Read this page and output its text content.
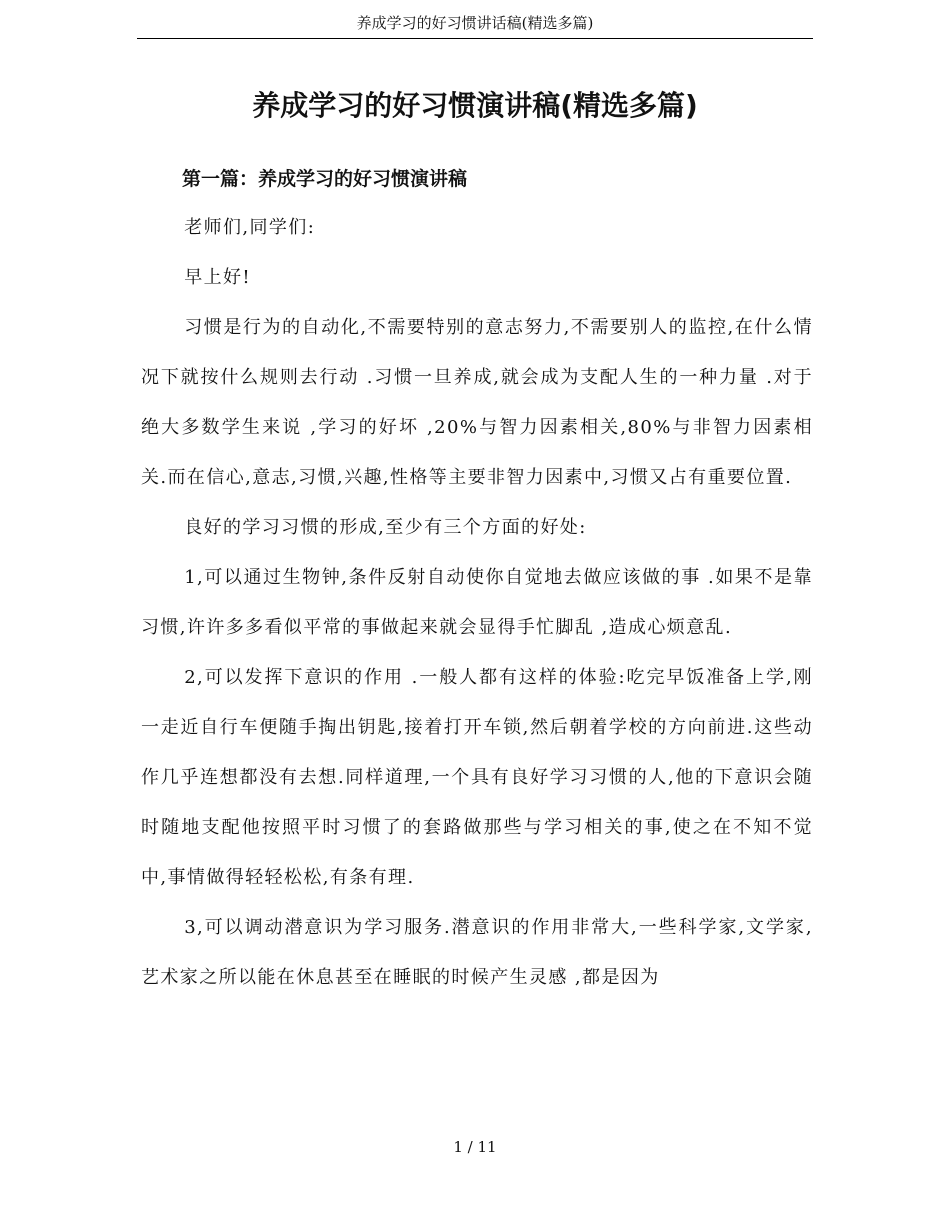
养成学习的好习惯讲话稿(精选多篇)
养成学习的好习惯演讲稿(精选多篇)
第一篇：养成学习的好习惯演讲稿

老师们,同学们:

早上好!

习惯是行为的自动化,不需要特别的意志努力,不需要别人的监控,在什么情况下就按什么规则去行动 .习惯一旦养成,就会成为支配人生的一种力量 .对于绝大多数学生来说 ,学习的好坏 ,20%与智力因素相关,80%与非智力因素相关.而在信心,意志,习惯,兴趣,性格等主要非智力因素中,习惯又占有重要位置.

良好的学习习惯的形成,至少有三个方面的好处:

1,可以通过生物钟,条件反射自动使你自觉地去做应该做的事 .如果不是靠习惯,许许多多看似平常的事做起来就会显得手忙脚乱 ,造成心烦意乱.

2,可以发挥下意识的作用 .一般人都有这样的体验:吃完早饭准备上学,刚一走近自行车便随手掏出钥匙,接着打开车锁,然后朝着学校的方向前进.这些动作几乎连想都没有去想.同样道理,一个具有良好学习习惯的人,他的下意识会随时随地支配他按照平时习惯了的套路做那些与学习相关的事,使之在不知不觉中,事情做得轻轻松松,有条有理.

3,可以调动潜意识为学习服务.潜意识的作用非常大,一些科学家,文学家,艺术家之所以能在休息甚至在睡眠的时候产生灵感 ,都是因为

1 / 11
